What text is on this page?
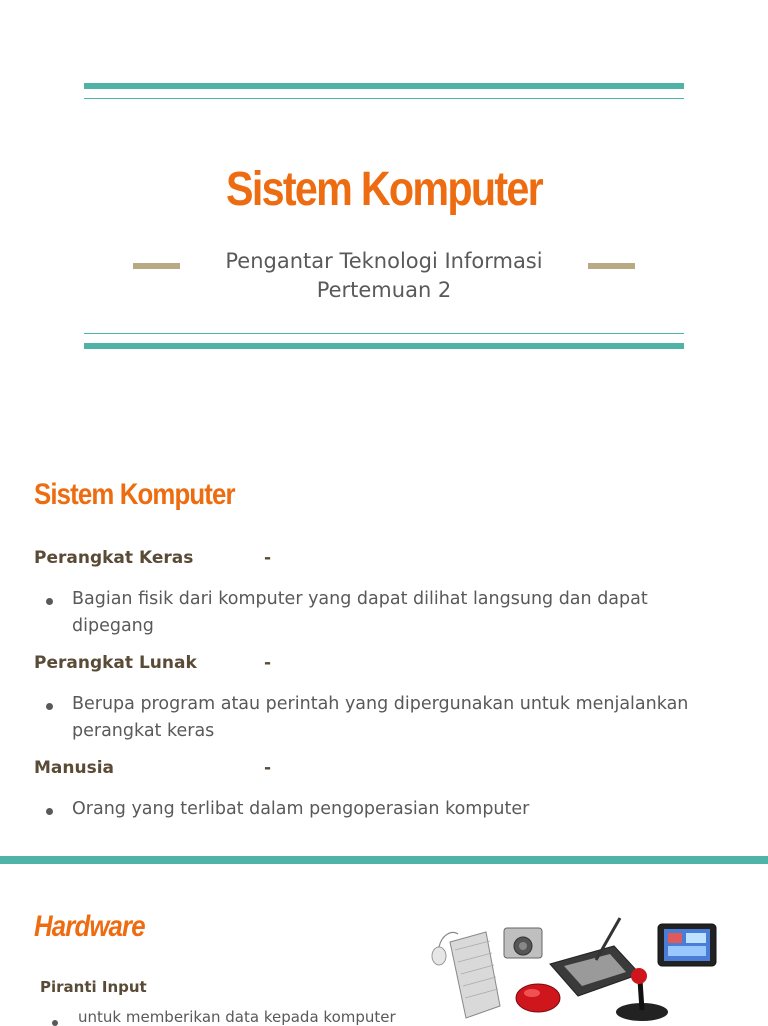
Sistem Komputer
Pengantar Teknologi Informasi
Pertemuan 2
Sistem Komputer
Perangkat Keras	-
Bagian fisik dari komputer yang dapat dilihat langsung dan dapat
dipegang
Perangkat Lunak	-
Berupa program atau perintah yang dipergunakan untuk menjalankan
perangkat keras
Manusia	-
Orang yang terlibat dalam pengoperasian komputer
Hardware
Piranti Input
untuk memberikan data kepada komputer
